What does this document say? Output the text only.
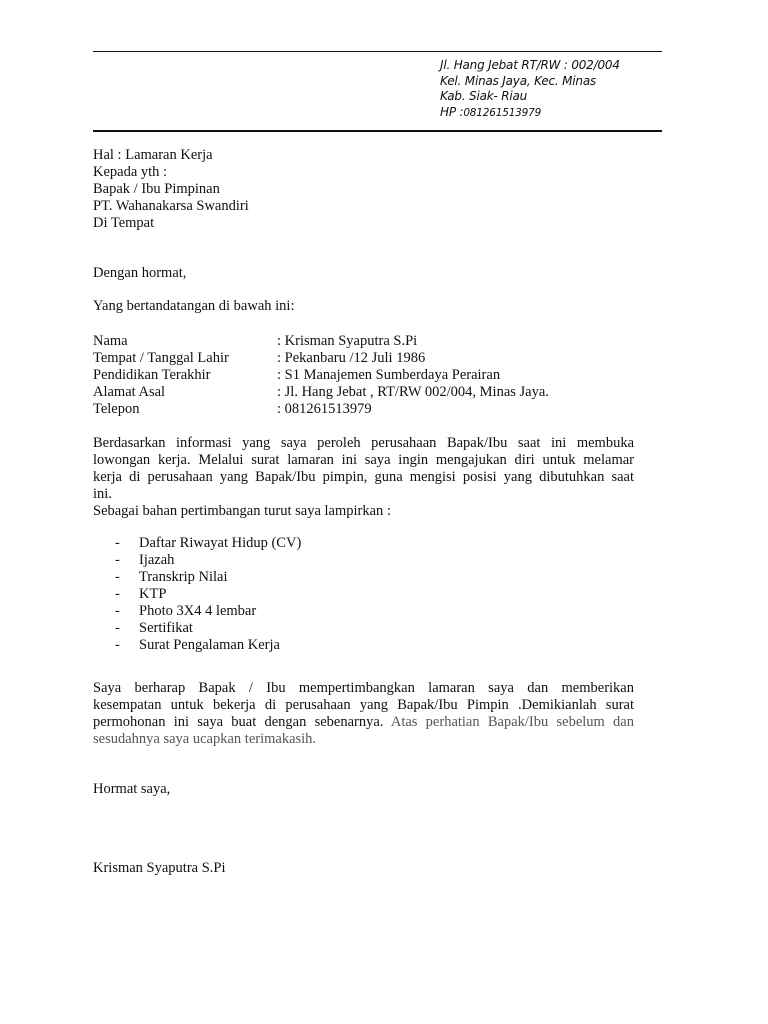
Jl. Hang Jebat RT/RW : 002/004
Kel. Minas Jaya, Kec. Minas
Kab. Siak- Riau
HP :081261513979
Hal : Lamaran Kerja
Kepada yth :
Bapak / Ibu Pimpinan
PT. Wahanakarsa Swandiri
Di Tempat
Dengan hormat,
Yang bertandatangan di bawah ini:
Nama	: Krisman Syaputra S.Pi
Tempat / Tanggal Lahir	: Pekanbaru /12 Juli 1986
Pendidikan Terakhir	: S1 Manajemen Sumberdaya Perairan
Alamat Asal	: Jl. Hang Jebat , RT/RW 002/004, Minas Jaya.
Telepon	: 081261513979
Berdasarkan informasi yang saya peroleh perusahaan Bapak/Ibu saat ini membuka
lowongan kerja. Melalui surat lamaran ini saya ingin mengajukan diri untuk melamar
kerja di perusahaan yang Bapak/Ibu pimpin, guna mengisi posisi yang dibutuhkan saat
ini.
Sebagai bahan pertimbangan turut saya lampirkan :
-	Daftar Riwayat Hidup (CV)
-	Ijazah
-	Transkrip Nilai
-	KTP
-	Photo 3X4 4 lembar
-	Sertifikat
-	Surat Pengalaman Kerja
Saya berharap Bapak / Ibu mempertimbangkan lamaran saya dan memberikan
kesempatan untuk bekerja di perusahaan yang Bapak/Ibu Pimpin .Demikianlah surat
permohonan ini saya buat dengan sebenarnya. Atas perhatian Bapak/Ibu sebelum dan
sesudahnya saya ucapkan terimakasih.
Hormat saya,
Krisman Syaputra S.Pi
